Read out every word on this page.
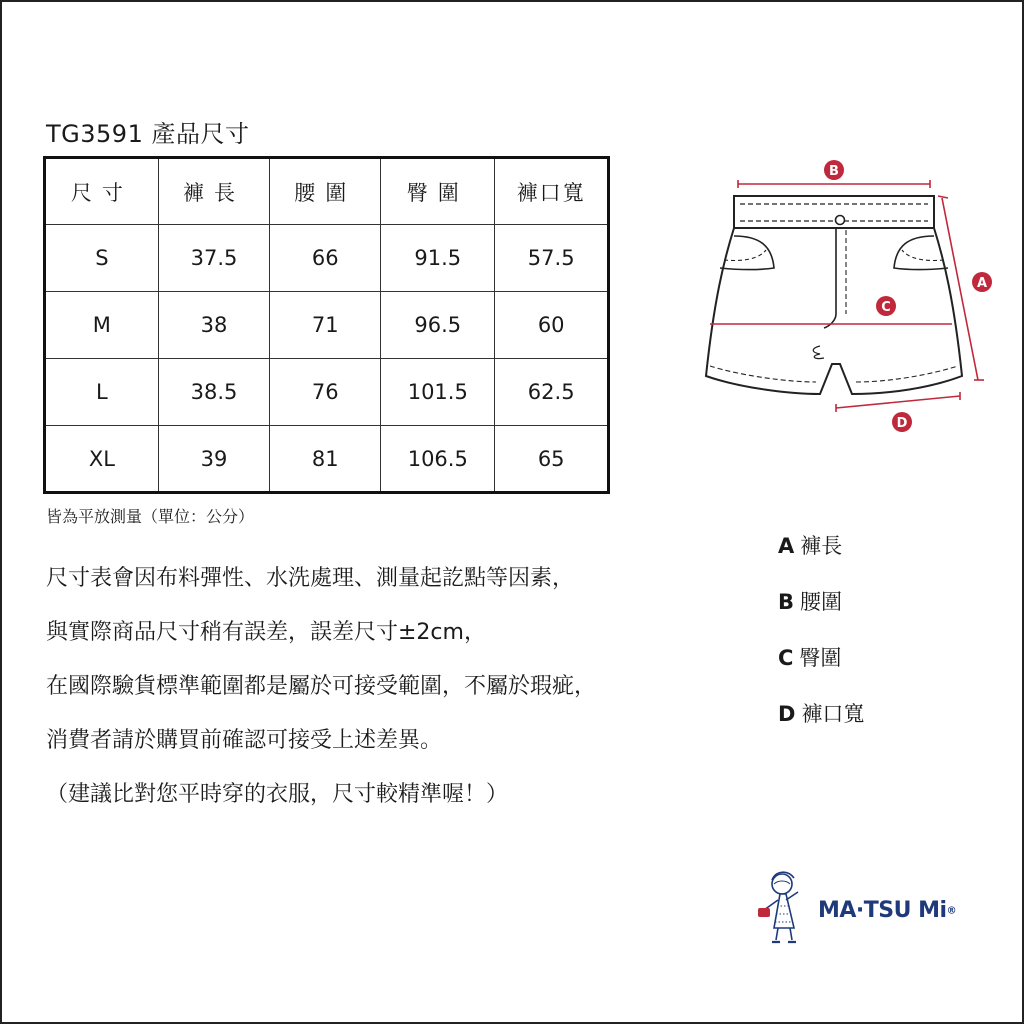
TG3591 產品尺寸
尺寸	褲長	腰圍	臀圍	褲口寬
S	37.5	66	91.5	57.5
M	38	71	96.5	60
L	38.5	76	101.5	62.5
XL	39	81	106.5	65
皆為平放測量（單位：公分）
尺寸表會因布料彈性、水洗處理、測量起訖點等因素，
與實際商品尺寸稍有誤差，誤差尺寸±2cm，
在國際驗貨標準範圍都是屬於可接受範圍，不屬於瑕疵，
消費者請於購買前確認可接受上述差異。
（建議比對您平時穿的衣服，尺寸較精準喔！）
B
A
C
D
A 褲長
B 腰圍
C 臀圍
D 褲口寬
MA·TSU Mi®
